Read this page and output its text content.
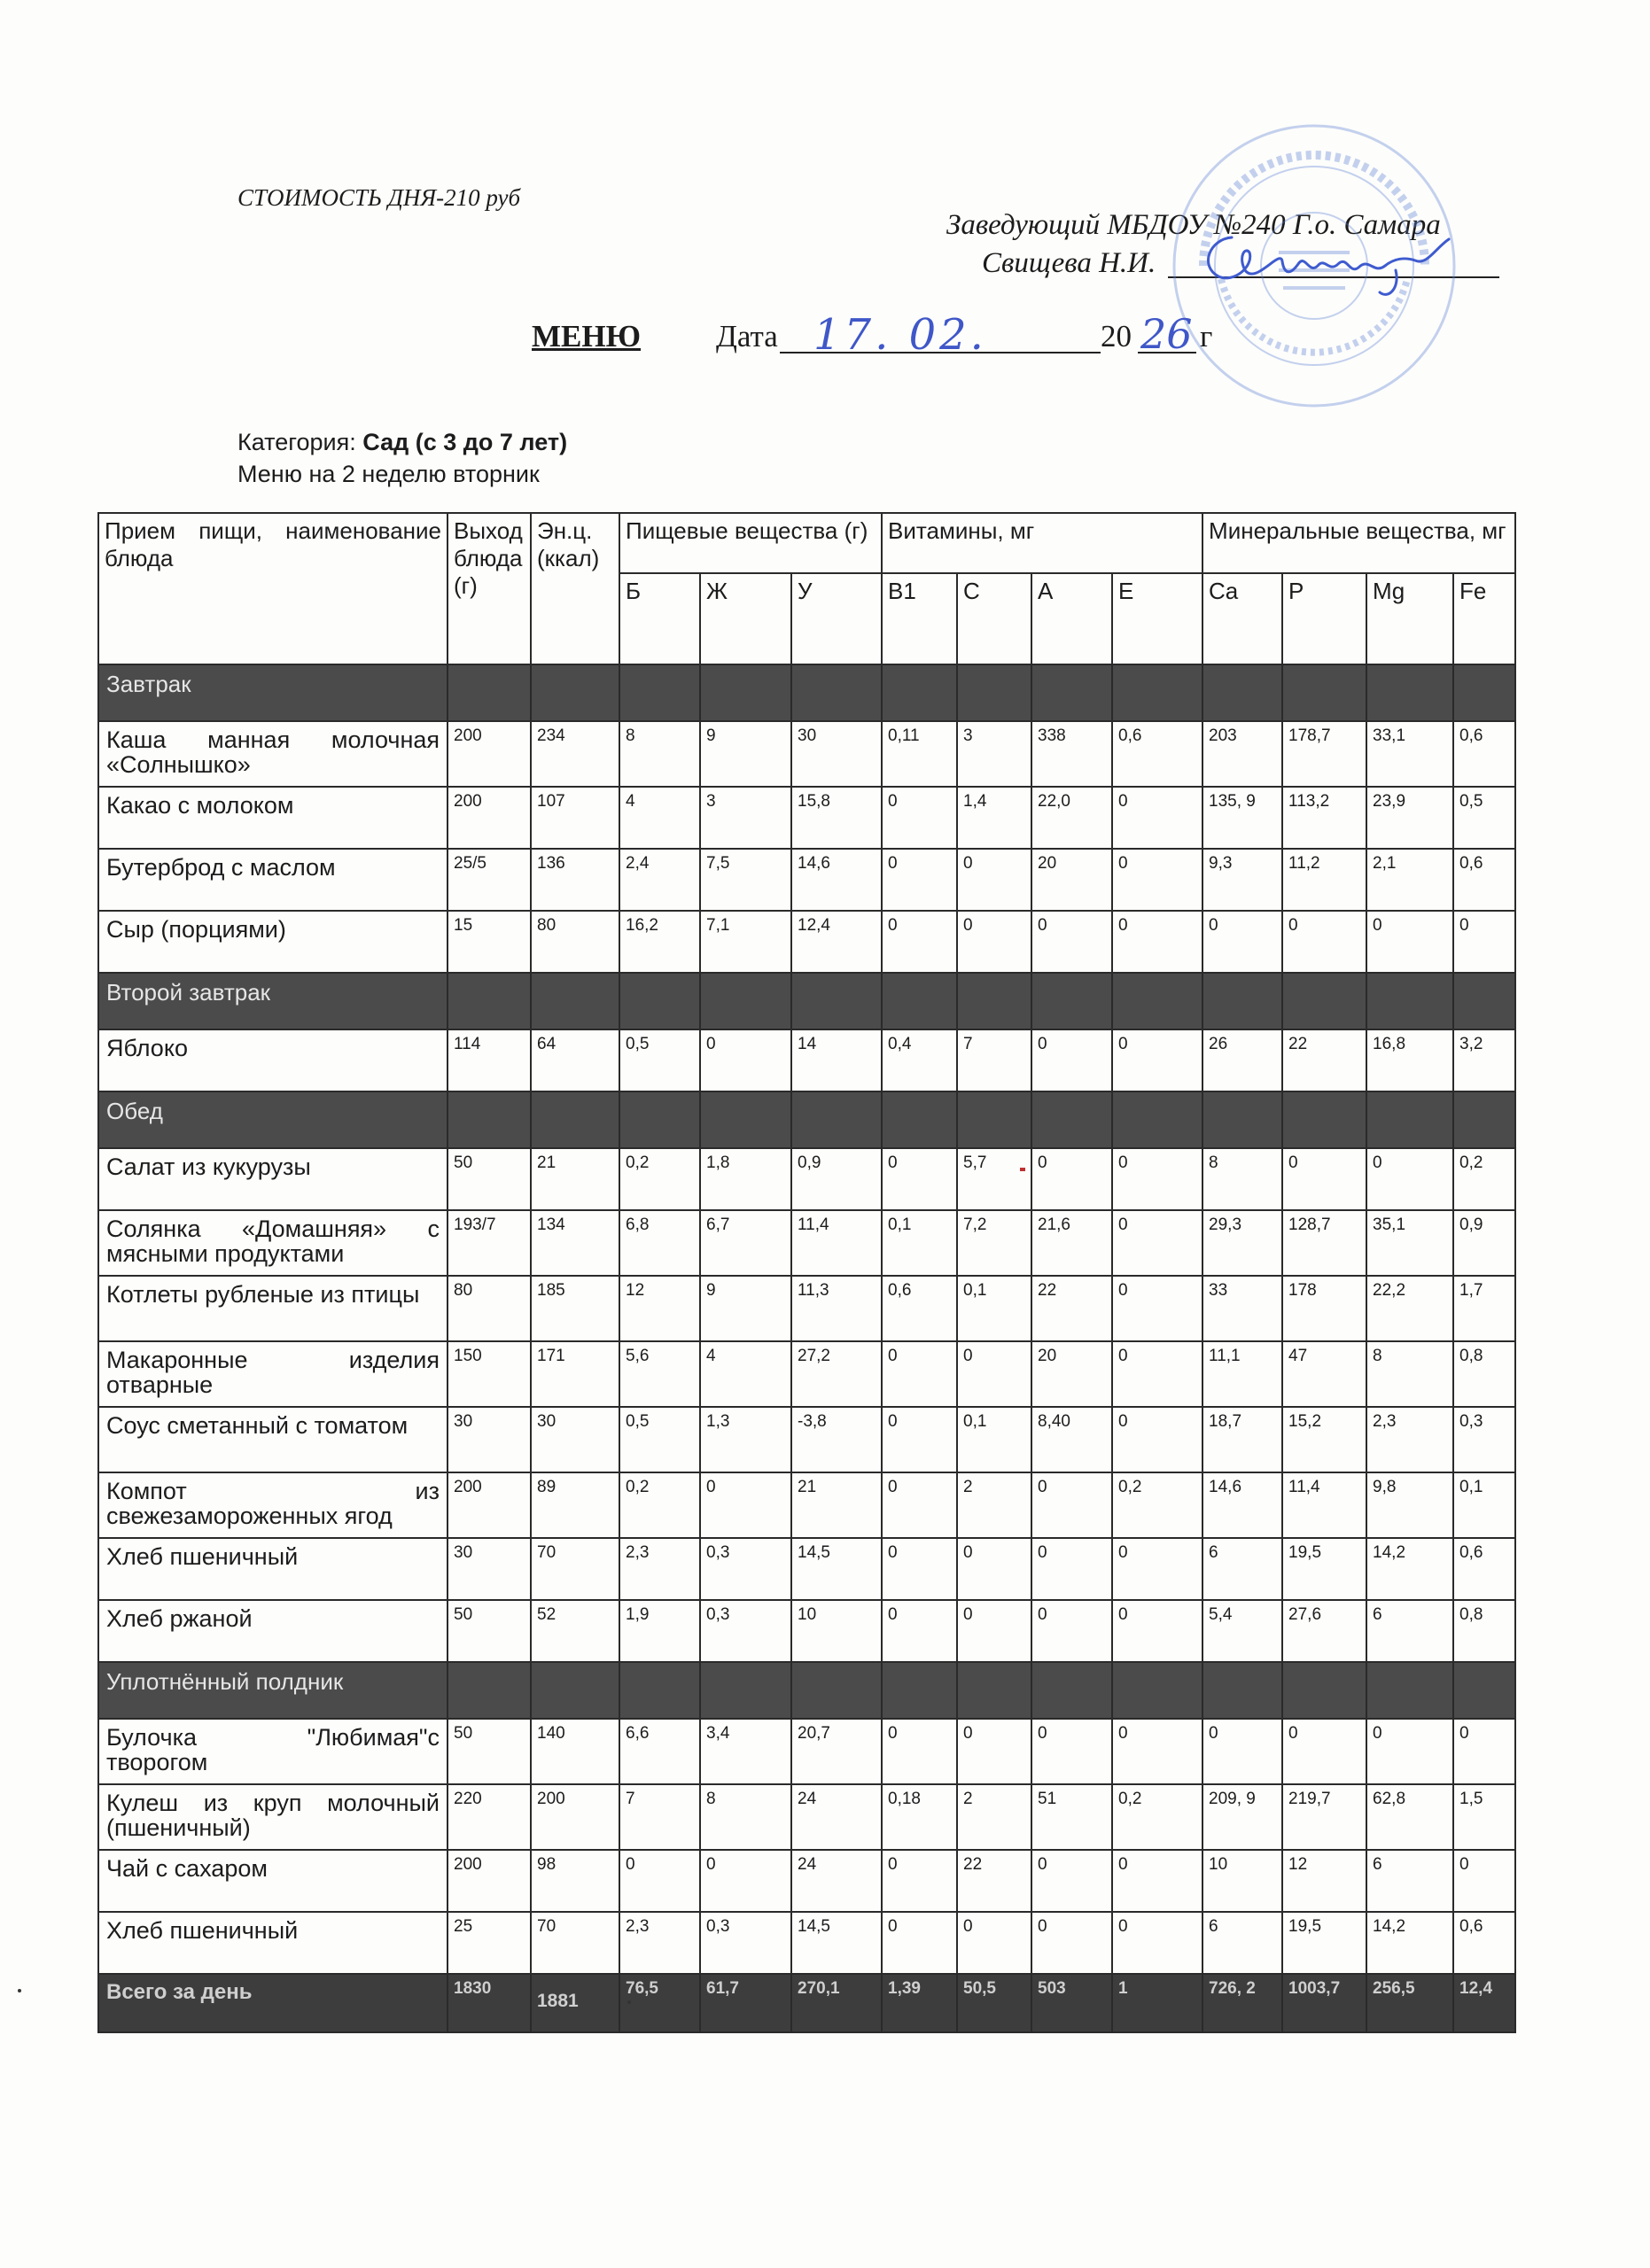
СТОИМОСТЬ ДНЯ-210 руб
Заведующий МБДОУ №240 Г.о. Самара
Свищева Н.И.
МЕНЮ Дата 17. 02.	20 26 г
Категория: Сад (с 3 до 7 лет)
Меню на 2 неделю вторник
Прием пищи, наименование блюда	Выход блюда (г)	Эн.ц. (ккал)	Пищевые вещества (г)			Витамины, мг				Минеральные вещества, мг			
			Б	Ж	У	B1	C	A	E	Ca	P	Mg	Fe
Завтрак													
Каша манная молочная «Солнышко»	200	234	8	9	30	0,11	3	338	0,6	203	178,7	33,1	0,6
Какао с молоком	200	107	4	3	15,8	0	1,4	22,0	0	135, 9	113,2	23,9	0,5
Бутерброд с маслом	25/5	136	2,4	7,5	14,6	0	0	20	0	9,3	11,2	2,1	0,6
Сыр (порциями)	15	80	16,2	7,1	12,4	0	0	0	0	0	0	0	0
Второй завтрак													
Яблоко	114	64	0,5	0	14	0,4	7	0	0	26	22	16,8	3,2
Обед													
Салат из кукурузы	50	21	0,2	1,8	0,9	0	5,7	0	0	8	0	0	0,2
Солянка «Домашняя» с мясными продуктами	193/7	134	6,8	6,7	11,4	0,1	7,2	21,6	0	29,3	128,7	35,1	0,9
Котлеты рубленые из птицы	80	185	12	9	11,3	0,6	0,1	22	0	33	178	22,2	1,7
Макаронные изделия отварные	150	171	5,6	4	27,2	0	0	20	0	11,1	47	8	0,8
Соус сметанный с томатом	30	30	0,5	1,3	-3,8	0	0,1	8,40	0	18,7	15,2	2,3	0,3
Компот из свежезамороженных ягод	200	89	0,2	0	21	0	2	0	0,2	14,6	11,4	9,8	0,1
Хлеб пшеничный	30	70	2,3	0,3	14,5	0	0	0	0	6	19,5	14,2	0,6
Хлеб ржаной	50	52	1,9	0,3	10	0	0	0	0	5,4	27,6	6	0,8
Уплотнённый полдник													
Булочка "Любимая"с творогом	50	140	6,6	3,4	20,7	0	0	0	0	0	0	0	0
Кулеш из круп молочный (пшеничный)	220	200	7	8	24	0,18	2	51	0,2	209, 9	219,7	62,8	1,5
Чай с сахаром	200	98	0	0	24	0	22	0	0	10	12	6	0
Хлеб пшеничный	25	70	2,3	0,3	14,5	0	0	0	0	6	19,5	14,2	0,6
Всего за день	1830	1881	76,5	61,7	270,1	1,39	50,5	503	1	726, 2	1003,7	256,5	12,4
